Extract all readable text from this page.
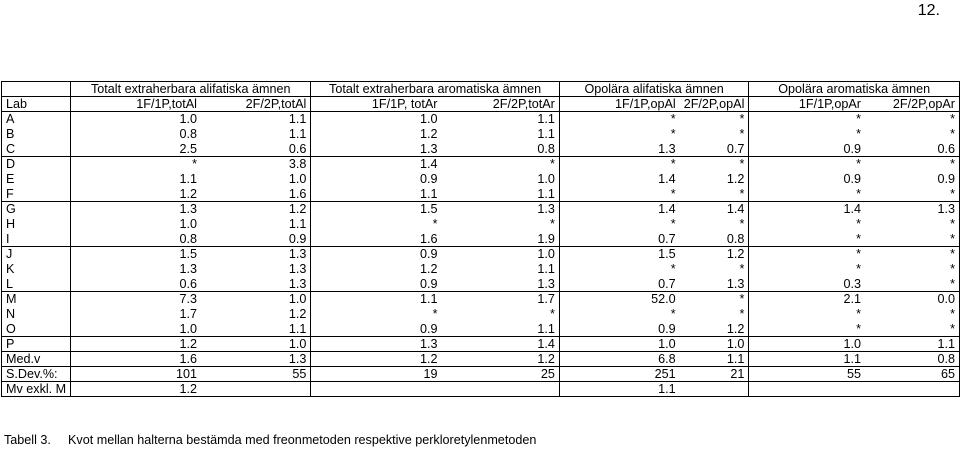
12.
	Totalt extraherbara alifatiska ämnen		Totalt extraherbara aromatiska ämnen		Opolära alifatiska ämnen		Opolära aromatiska ämnen	
Lab	1F/1P,totAl	2F/2P,totAl	1F/1P, totAr	2F/2P,totAr	1F/1P,opAl	2F/2P,opAl	1F/1P,opAr	2F/2P,opAr
A	1.0	1.1	1.0	1.1	*	*	*	*
B	0.8	1.1	1.2	1.1	*	*	*	*
C	2.5	0.6	1.3	0.8	1.3	0.7	0.9	0.6
D	*	3.8	1.4	*	*	*	*	*
E	1.1	1.0	0.9	1.0	1.4	1.2	0.9	0.9
F	1.2	1.6	1.1	1.1	*	*	*	*
G	1.3	1.2	1.5	1.3	1.4	1.4	1.4	1.3
H	1.0	1.1	*	*	*	*	*	*
I	0.8	0.9	1.6	1.9	0.7	0.8	*	*
J	1.5	1.3	0.9	1.0	1.5	1.2	*	*
K	1.3	1.3	1.2	1.1	*	*	*	*
L	0.6	1.3	0.9	1.3	0.7	1.3	0.3	*
M	7.3	1.0	1.1	1.7	52.0	*	2.1	0.0
N	1.7	1.2	*	*	*	*	*	*
O	1.0	1.1	0.9	1.1	0.9	1.2	*	*
P	1.2	1.0	1.3	1.4	1.0	1.0	1.0	1.1
Med.v	1.6	1.3	1.2	1.2	6.8	1.1	1.1	0.8
S.Dev.%:	101	55	19	25	251	21	55	65
Mv exkl. M	1.2				1.1			
Tabell 3. Kvot mellan halterna bestämda med freonmetoden respektive perkloretylenmetoden
